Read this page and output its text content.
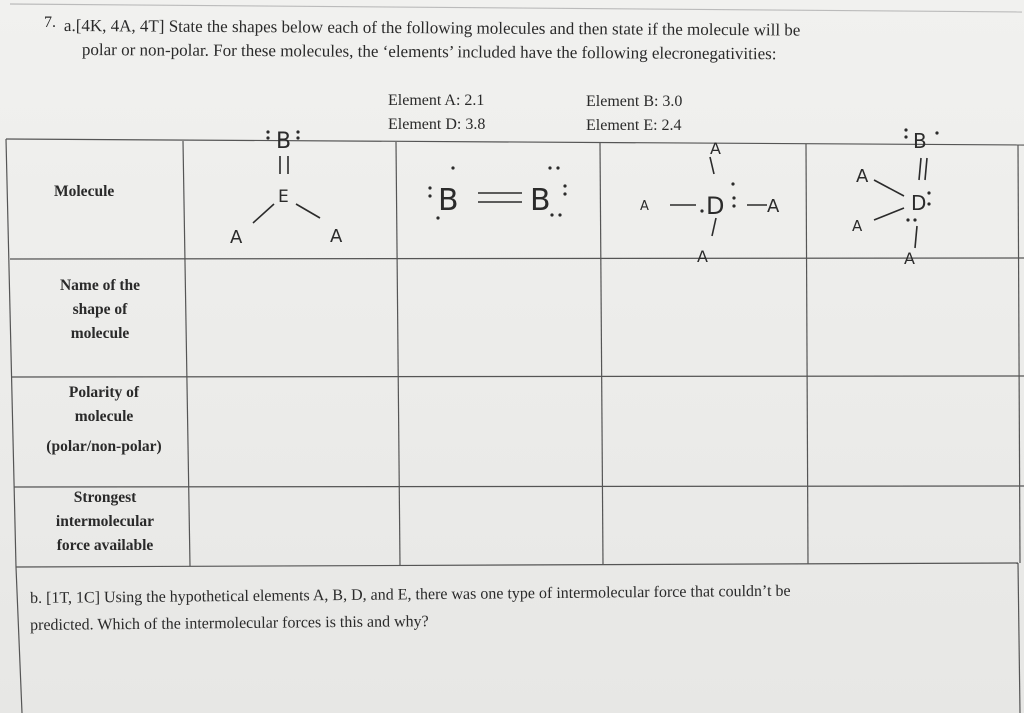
7. a.[4K, 4A, 4T] State the shapes below each of the following molecules and then state if the molecule will be
polar or non-polar. For these molecules, the ‘elements’ included have the following elecronegativities:
Element A: 2.1
Element D: 3.8
Element B: 3.0
Element E: 2.4
Molecule
Name of the
shape of
molecule
Polarity of
molecule
(polar/non-polar)
Strongest
intermolecular
force available
B
E
A	A
B B
A
A D A
A
B
A
D
A
A
b. [1T, 1C] Using the hypothetical elements A, B, D, and E, there was one type of intermolecular force that couldn’t be
predicted. Which of the intermolecular forces is this and why?
